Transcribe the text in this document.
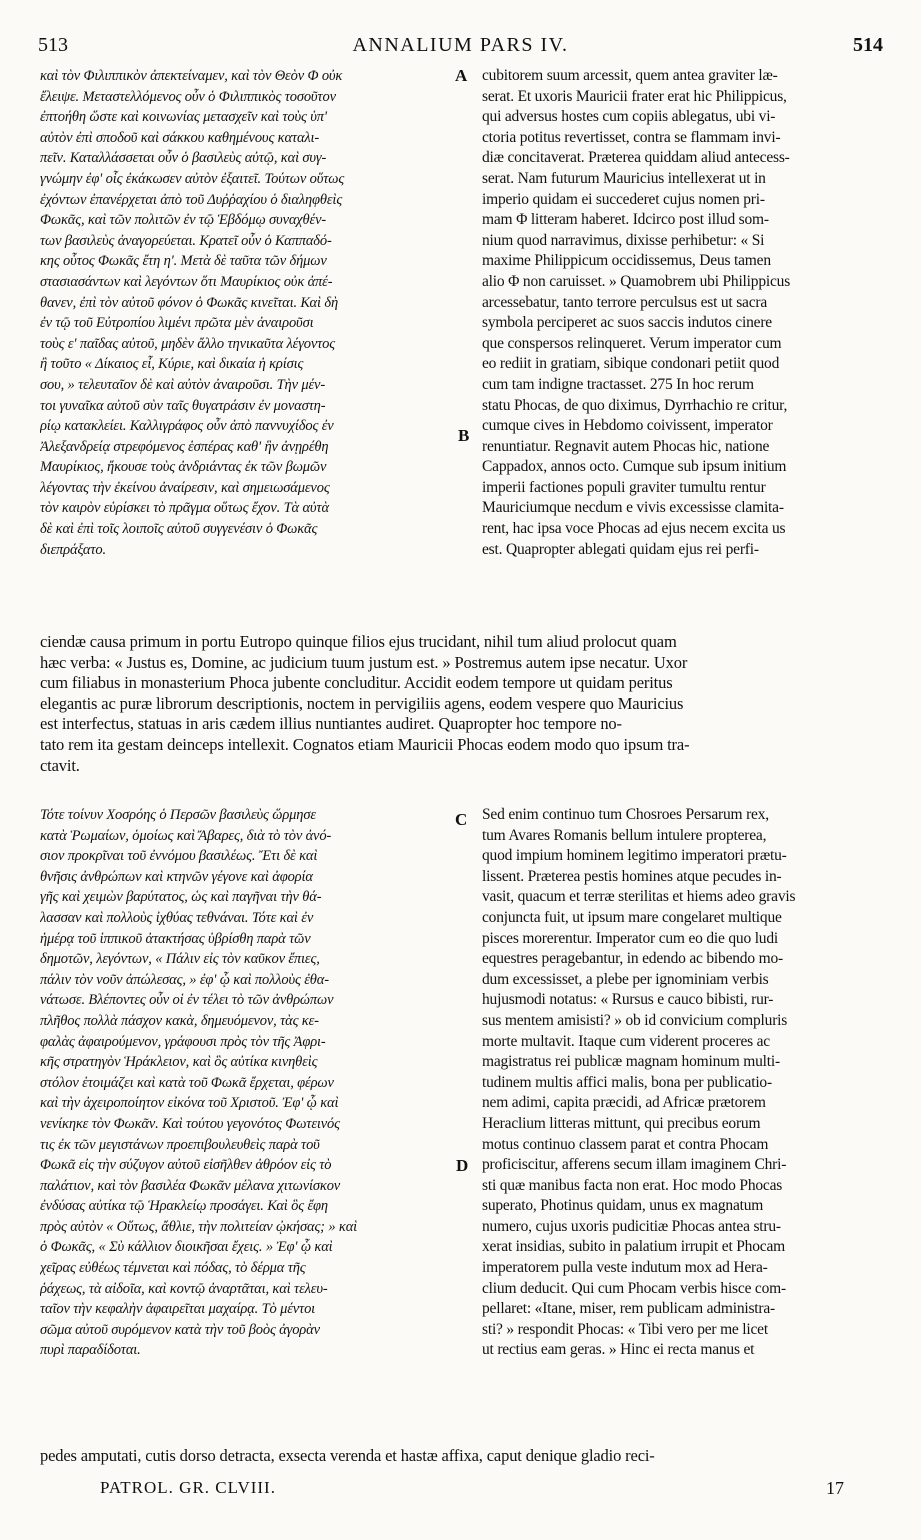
513	ANNALIUM PARS IV.	514

καὶ τὸν Φιλιππικὸν ἀπεκτείναμεν, καὶ τὸν Θεὸν Φ οὐκ

ἔλειψε. Μεταστελλόμενος οὖν ὁ Φιλιππικὸς τοσοῦτον

ἐπτοήθη ὥστε καὶ κοινωνίας μετασχεῖν καὶ τοὺς ὑπ'

αὐτὸν ἐπὶ σποδοῦ καὶ σάκκου καθημένους καταλι-

πεῖν. Καταλλάσσεται οὖν ὁ βασιλεὺς αὐτῷ, καὶ συγ-

γνώμην ἐφ' οἷς ἐκάκωσεν αὐτὸν ἐξαιτεῖ. Τούτων οὕτως

ἐχόντων ἐπανέρχεται ἀπὸ τοῦ Δυῤῥαχίου ὁ διαληφθεὶς

Φωκᾶς, καὶ τῶν πολιτῶν ἐν τῷ Ἑβδόμῳ συναχθέν-

των βασιλεὺς ἀναγορεύεται. Κρατεῖ οὖν ὁ Καππαδό-

κης οὗτος Φωκᾶς ἔτη η'. Μετὰ δὲ ταῦτα τῶν δήμων

στασιασάντων καὶ λεγόντων ὅτι Μαυρίκιος οὐκ ἀπέ-

θανεν, ἐπὶ τὸν αὐτοῦ φόνον ὁ Φωκᾶς κινεῖται. Καὶ δὴ

ἐν τῷ τοῦ Εὐτροπίου λιμένι πρῶτα μὲν ἀναιροῦσι

τοὺς ε' παῖδας αὐτοῦ, μηδὲν ἄλλο τηνικαῦτα λέγοντος

ἢ τοῦτο « Δίκαιος εἶ, Κύριε, καὶ δικαία ἡ κρίσις

σου, » τελευταῖον δὲ καὶ αὐτὸν ἀναιροῦσι. Τὴν μέν-

τοι γυναῖκα αὐτοῦ σὺν ταῖς θυγατράσιν ἐν μοναστη-

ρίῳ κατακλείει. Καλλιγράφος οὖν ἀπὸ παννυχίδος ἐν

Ἀλεξανδρείᾳ στρεφόμενος ἑσπέρας καθ' ἣν ἀνῃρέθη

Μαυρίκιος, ἤκουσε τοὺς ἀνδριάντας ἐκ τῶν βωμῶν

λέγοντας τὴν ἐκείνου ἀναίρεσιν, καὶ σημειωσάμενος

τὸν καιρὸν εὑρίσκει τὸ πρᾶγμα οὕτως ἔχον. Τὰ αὐτὰ

δὲ καὶ ἐπὶ τοῖς λοιποῖς αὐτοῦ συγγενέσιν ὁ Φωκᾶς

διεπράξατο.

cubitorem suum arcessit, quem antea graviter læ-

serat. Et uxoris Mauricii frater erat hic Philippicus,

qui adversus hostes cum copiis ablegatus, ubi vi-

ctoria potitus revertisset, contra se flammam invi-

diæ concitaverat. Præterea quiddam aliud antecess-

serat. Nam futurum Mauricius intellexerat ut in

imperio quidam ei succederet cujus nomen pri-

mam Φ litteram haberet. Idcirco post illud som-

nium quod narravimus, dixisse perhibetur: « Si

maxime Philippicum occidissemus, Deus tamen

alio Φ non caruisset. » Quamobrem ubi Philippicus

arcessebatur, tanto terrore perculsus est ut sacra

symbola perciperet ac suos saccis indutos cinere

que conspersos relinqueret. Verum imperator cum

eo rediit in gratiam, sibique condonari petiit quod

cum tam indigne tractasset. 275 In hoc rerum

statu Phocas, de quo diximus, Dyrrhachio re critur,

cumque cives in Hebdomo coivissent, imperator

renuntiatur. Regnavit autem Phocas hic, natione

Cappadox, annos octo. Cumque sub ipsum initium

imperii factiones populi graviter tumultu rentur

Mauriciumque necdum e vivis excessisse clamita-

rent, hac ipsa voce Phocas ad ejus necem excita us

est. Quapropter ablegati quidam ejus rei perfi-

A
B

ciendæ causa primum in portu Eutropo quinque filios ejus trucidant, nihil tum aliud prolocut quam

hæc verba: « Justus es, Domine, ac judicium tuum justum est. » Postremus autem ipse necatur. Uxor

cum filiabus in monasterium Phoca jubente concluditur. Accidit eodem tempore ut quidam peritus

elegantis ac puræ librorum descriptionis, noctem in pervigiliis agens, eodem vespere quo Mauricius

est interfectus, statuas in aris cædem illius nuntiantes audiret. Quapropter hoc tempore no-

tato rem ita gestam deinceps intellexit. Cognatos etiam Mauricii Phocas eodem modo quo ipsum tra-

ctavit.

Τότε τοίνυν Χοσρόης ὁ Περσῶν βασιλεὺς ὥρμησε

κατὰ Ῥωμαίων, ὁμοίως καὶ Ἄβαρες, διὰ τὸ τὸν ἀνό-

σιον προκρῖναι τοῦ ἐννόμου βασιλέως. Ἔτι δὲ καὶ

θνῆσις ἀνθρώπων καὶ κτηνῶν γέγονε καὶ ἀφορία

γῆς καὶ χειμὼν βαρύτατος, ὡς καὶ παγῆναι τὴν θά-

λασσαν καὶ πολλοὺς ἰχθύας τεθνάναι. Τότε καὶ ἐν

ἡμέρᾳ τοῦ ἱππικοῦ ἀτακτήσας ὑβρίσθη παρὰ τῶν

δημοτῶν, λεγόντων, « Πάλιν εἰς τὸν καῦκον ἔπιες,

πάλιν τὸν νοῦν ἀπώλεσας, » ἐφ' ᾧ καὶ πολλοὺς ἐθα-

νάτωσε. Βλέποντες οὖν οἱ ἐν τέλει τὸ τῶν ἀνθρώπων

πλῆθος πολλὰ πάσχον κακὰ, δημευόμενον, τὰς κε-

φαλὰς ἀφαιρούμενον, γράφουσι πρὸς τὸν τῆς Ἀφρι-

κῆς στρατηγὸν Ἡράκλειον, καὶ ὃς αὐτίκα κινηθεὶς

στόλον ἑτοιμάζει καὶ κατὰ τοῦ Φωκᾶ ἔρχεται, φέρων

καὶ τὴν ἀχειροποίητον εἰκόνα τοῦ Χριστοῦ. Ἐφ' ᾧ καὶ

νενίκηκε τὸν Φωκᾶν. Καὶ τούτου γεγονότος Φωτεινός

τις ἐκ τῶν μεγιστάνων προεπιβουλευθεὶς παρὰ τοῦ

Φωκᾶ εἰς τὴν σύζυγον αὐτοῦ εἰσῆλθεν ἀθρόον εἰς τὸ

παλάτιον, καὶ τὸν βασιλέα Φωκᾶν μέλανα χιτωνίσκον

ἐνδύσας αὐτίκα τῷ Ἡρακλείῳ προσάγει. Καὶ ὃς ἔφη

πρὸς αὐτὸν « Οὕτως, ἄθλιε, τὴν πολιτείαν ᾠκήσας; » καὶ

ὁ Φωκᾶς, « Σὺ κάλλιον διοικῆσαι ἔχεις. » Ἐφ' ᾧ καὶ

χεῖρας εὐθέως τέμνεται καὶ πόδας, τὸ δέρμα τῆς

ῥάχεως, τὰ αἰδοῖα, καὶ κοντῷ ἀναρτᾶται, καὶ τελευ-

ταῖον τὴν κεφαλὴν ἀφαιρεῖται μαχαίρᾳ. Τὸ μέντοι

σῶμα αὐτοῦ συρόμενον κατὰ τὴν τοῦ βοὸς ἀγορὰν

πυρὶ παραδίδοται.

Sed enim continuo tum Chosroes Persarum rex,

tum Avares Romanis bellum intulere propterea,

quod impium hominem legitimo imperatori prætu-

lissent. Præterea pestis homines atque pecudes in-

vasit, quacum et terræ sterilitas et hiems adeo gravis

conjuncta fuit, ut ipsum mare congelaret multique

pisces morerentur. Imperator cum eo die quo ludi

equestres peragebantur, in edendo ac bibendo mo-

dum excessisset, a plebe per ignominiam verbis

hujusmodi notatus: « Rursus e cauco bibisti, rur-

sus mentem amisisti? » ob id convicium compluris

morte multavit. Itaque cum viderent proceres ac

magistratus rei publicæ magnam hominum multi-

tudinem multis affici malis, bona per publicatio-

nem adimi, capita præcidi, ad Africæ prætorem

Heraclium litteras mittunt, qui precibus eorum

motus continuo classem parat et contra Phocam

proficiscitur, afferens secum illam imaginem Chri-

sti quæ manibus facta non erat. Hoc modo Phocas

superato, Photinus quidam, unus ex magnatum

numero, cujus uxoris pudicitiæ Phocas antea stru-

xerat insidias, subito in palatium irrupit et Phocam

imperatorem pulla veste indutum mox ad Hera-

clium deducit. Qui cum Phocam verbis hisce com-

pellaret: «Itane, miser, rem publicam administra-

sti? » respondit Phocas: « Tibi vero per me licet

ut rectius eam geras. » Hinc ei recta manus et

C
D

pedes amputati, cutis dorso detracta, exsecta verenda et hastæ affixa, caput denique gladio reci-

PATROL. GR. CLVIII.	17
